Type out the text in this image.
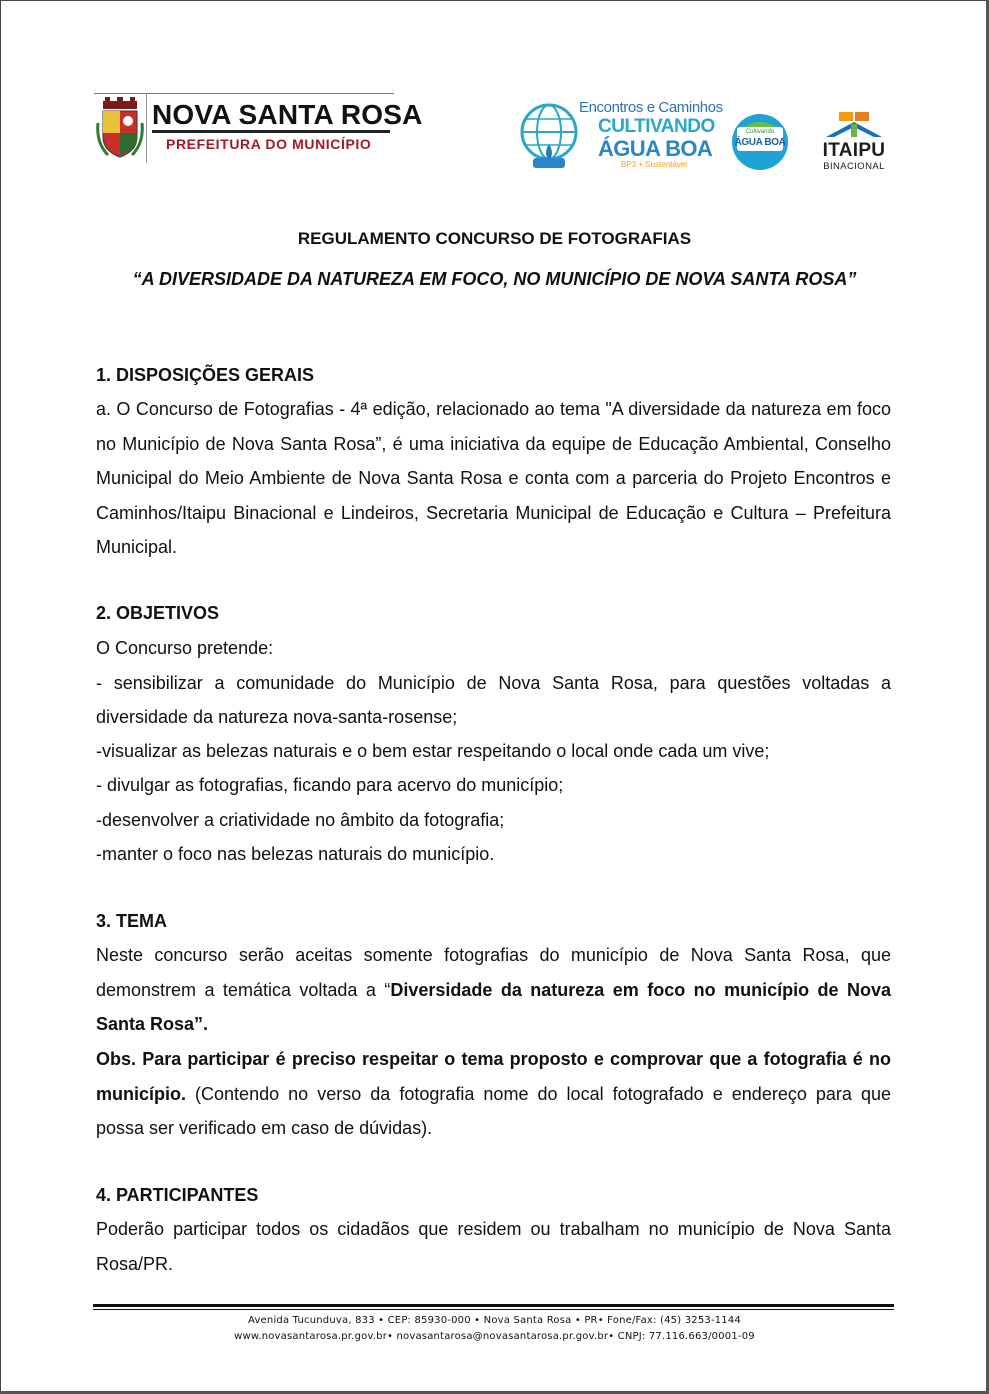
NOVA SANTA ROSA
PREFEITURA DO MUNICÍPIO
Encontros e Caminhos
CULTIVANDO
ÁGUA BOA
BP3 + Sustentável
Cultivando
ÁGUA BOA	ITAIPU
BINACIONAL
REGULAMENTO CONCURSO DE FOTOGRAFIAS
“A DIVERSIDADE DA NATUREZA EM FOCO, NO MUNICÍPIO DE NOVA SANTA ROSA”
1. DISPOSIÇÕES GERAIS
a. O Concurso de Fotografias - 4ª edição, relacionado ao tema "A diversidade da natureza em foco no Município de Nova Santa Rosa”, é uma iniciativa da equipe de Educação Ambiental, Conselho Municipal do Meio Ambiente de Nova Santa Rosa e conta com a parceria do Projeto Encontros e Caminhos/Itaipu Binacional e Lindeiros, Secretaria Municipal de Educação e Cultura – Prefeitura Municipal.
2. OBJETIVOS
O Concurso pretende:
- sensibilizar a comunidade do Município de Nova Santa Rosa, para questões voltadas a
diversidade da natureza nova-santa-rosense;
-visualizar as belezas naturais e o bem estar respeitando o local onde cada um vive;
- divulgar as fotografias, ficando para acervo do município;
-desenvolver a criatividade no âmbito da fotografia;
-manter o foco nas belezas naturais do município.
3. TEMA
Neste concurso serão aceitas somente fotografias do município de Nova Santa Rosa, que demonstrem a temática voltada a “Diversidade da natureza em foco no município de Nova Santa Rosa”.
Obs. Para participar é preciso respeitar o tema proposto e comprovar que a fotografia é no município. (Contendo no verso da fotografia nome do local fotografado e endereço para que possa ser verificado em caso de dúvidas).
4. PARTICIPANTES
Poderão participar todos os cidadãos que residem ou trabalham no município de Nova Santa Rosa/PR.
Avenida Tucunduva, 833 • CEP: 85930-000 • Nova Santa Rosa • PR• Fone/Fax: (45) 3253-1144
www.novasantarosa.pr.gov.br• novasantarosa@novasantarosa.pr.gov.br• CNPJ: 77.116.663/0001-09
